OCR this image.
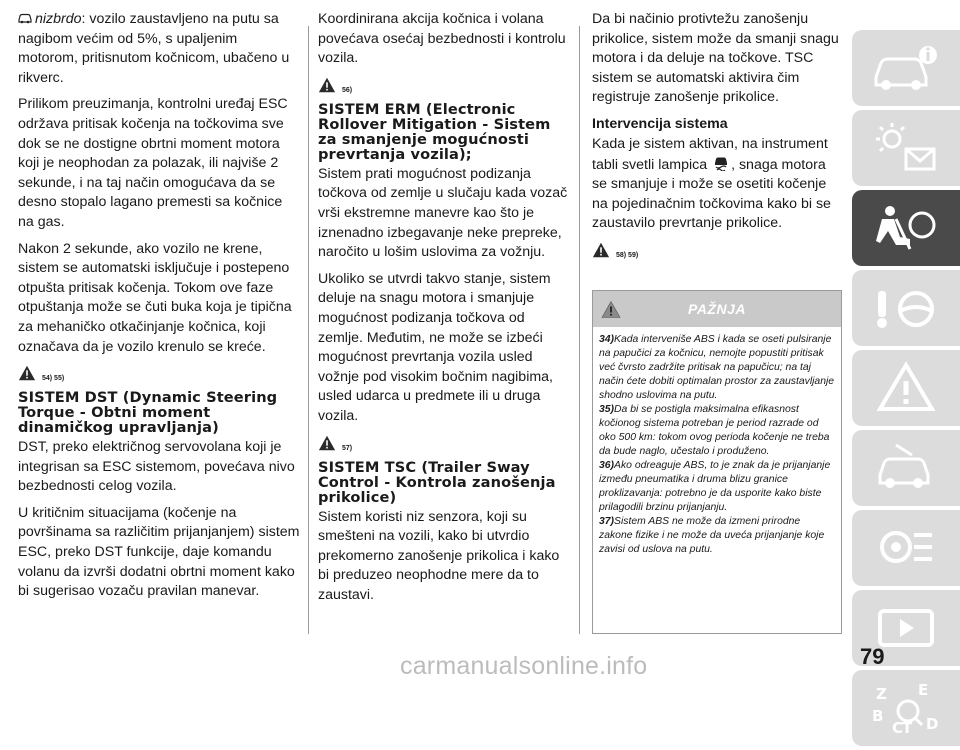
nizbrdo: vozilo zaustavljeno na putu sa nagibom većim od 5%, s upaljenim motorom, pritisnutom kočnicom, ubačeno u rikverc.

Prilikom preuzimanja, kontrolni uređaj ESC održava pritisak kočenja na točkovima sve dok se ne dostigne obrtni moment motora koji je neophodan za polazak, ili najviše 2 sekunde, i na taj način omogućava da se desno stopalo lagano premesti sa kočnice na gas.

Nakon 2 sekunde, ako vozilo ne krene, sistem se automatski isključuje i postepeno otpušta pritisak kočenja. Tokom ove faze otpuštanja može se čuti buka koja je tipična za mehaničko otkačinjanje kočnica, koji označava da je vozilo krenulo se kreće.

54) 55)
SISTEM DST (Dynamic Steering Torque - Obtni moment dinamičkog upravljanja)

DST, preko električnog servovolana koji je integrisan sa ESC sistemom, povećava nivo bezbednosti celog vozila.

U kritičnim situacijama (kočenje na površinama sa različitim prijanjanjem) sistem ESC, preko DST funkcije, daje komandu volanu da izvrši dodatni obrtni moment kako bi sugerisao vozaču pravilan manevar.

Koordinirana akcija kočnica i volana povećava osećaj bezbednosti i kontrolu vozila.

56)
SISTEM ERM (Electronic Rollover Mitigation - Sistem za smanjenje mogućnosti prevrtanja vozila);

Sistem prati mogućnost podizanja točkova od zemlje u slučaju kada vozač vrši ekstremne manevre kao što je iznenadno izbegavanje neke prepreke, naročito u lošim uslovima za vožnju.

Ukoliko se utvrdi takvo stanje, sistem deluje na snagu motora i smanjuje mogućnost podizanja točkova od zemlje. Međutim, ne može se izbeći mogućnost prevrtanja vozila usled vožnje pod visokim bočnim nagibima, usled udarca u predmete ili u druga vozila.

57)
SISTEM TSC (Trailer Sway Control - Kontrola zanošenja prikolice)

Sistem koristi niz senzora, koji su smešteni na vozili, kako bi utvrdio prekomerno zanošenje prikolica i kako bi preduzeo neophodne mere da to zaustavi.

Da bi načinio protivtežu zanošenju prikolice, sistem može da smanji snagu motora i da deluje na točkove. TSC sistem se automatski aktivira čim registruje zanošenje prikolice.

Intervencija sistema

Kada je sistem aktivan, na instrument tabli svetli lampica , snaga motora se smanjuje i može se osetiti kočenje na pojedinačnim točkovima kako bi se zaustavilo prevrtanje prikolice.

58) 59)
PAŽNJA

34)Kada interveniše ABS i kada se oseti pulsiranje na papučici za kočnicu, nemojte popustiti pritisak već čvrsto zadržite pritisak na papučicu; na taj način ćete dobiti optimalan prostor za zaustavljanje shodno uslovima na putu.

35)Da bi se postigla maksimalna efikasnost kočionog sistema potreban je period razrade od oko 500 km: tokom ovog perioda kočenje ne treba da bude naglo, učestalo i produženo.

36)Ako odreaguje ABS, to je znak da je prijanjanje između pneumatika i druma blizu granice proklizavanja: potrebno je da usporite kako biste prilagodili brzinu prijanjanju.

37)Sistem ABS ne može da izmeni prirodne zakone fizike i ne može da uveća prijanjanje koje zavisi od uslova na putu.

Z E
B
C
T D
79
carmanualsonline.info
